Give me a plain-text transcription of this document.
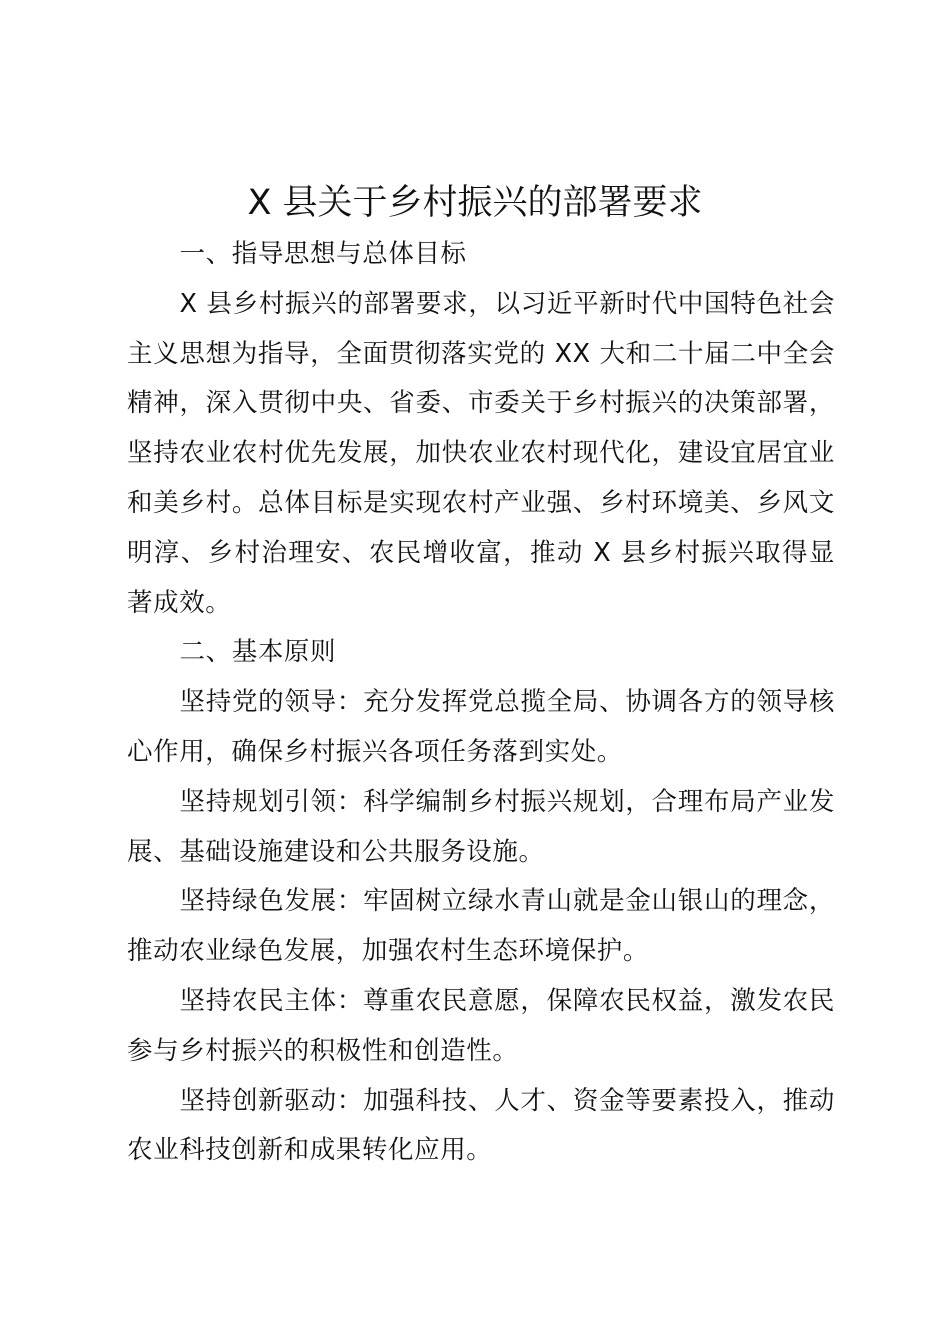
X 县关于乡村振兴的部署要求

一、指导思想与总体目标

X 县乡村振兴的部署要求，以习近平新时代中国特色社会主义思想为指导，全面贯彻落实党的 XX 大和二十届二中全会精神，深入贯彻中央、省委、市委关于乡村振兴的决策部署，坚持农业农村优先发展，加快农业农村现代化，建设宜居宜业和美乡村。总体目标是实现农村产业强、乡村环境美、乡风文明淳、乡村治理安、农民增收富，推动 X 县乡村振兴取得显著成效。

二、基本原则

坚持党的领导：充分发挥党总揽全局、协调各方的领导核心作用，确保乡村振兴各项任务落到实处。

坚持规划引领：科学编制乡村振兴规划，合理布局产业发展、基础设施建设和公共服务设施。

坚持绿色发展：牢固树立绿水青山就是金山银山的理念，推动农业绿色发展，加强农村生态环境保护。

坚持农民主体：尊重农民意愿，保障农民权益，激发农民参与乡村振兴的积极性和创造性。

坚持创新驱动：加强科技、人才、资金等要素投入，推动农业科技创新和成果转化应用。
